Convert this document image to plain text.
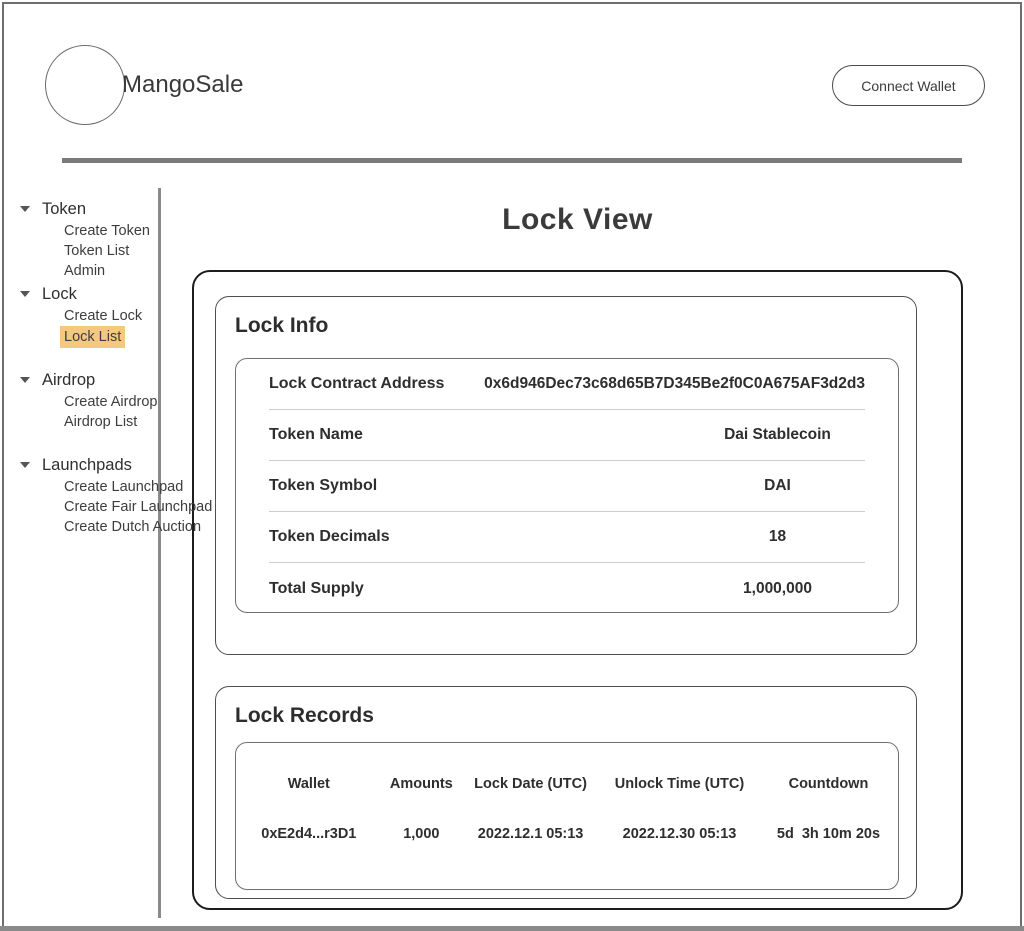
MangoSale	Connect Wallet
Token
Create Token
Token List
Admin
Lock
Create Lock
Lock List
Airdrop
Create Airdrop
Airdrop List
Launchpads
Create Launchpad
Create Fair Launchpad
Create Dutch Auction
Lock View
Lock Info
Lock Contract Address	0x6d946Dec73c68d65B7D345Be2f0C0A675AF3d2d3
Token Name	Dai Stablecoin
Token Symbol	DAI
Token Decimals	18
Total Supply	1,000,000
Lock Records
Wallet	Amounts	Lock Date (UTC)	Unlock Time (UTC)	Countdown
0xE2d4...r3D1	1,000	2022.12.1 05:13	2022.12.30 05:13	5d  3h 10m 20s
